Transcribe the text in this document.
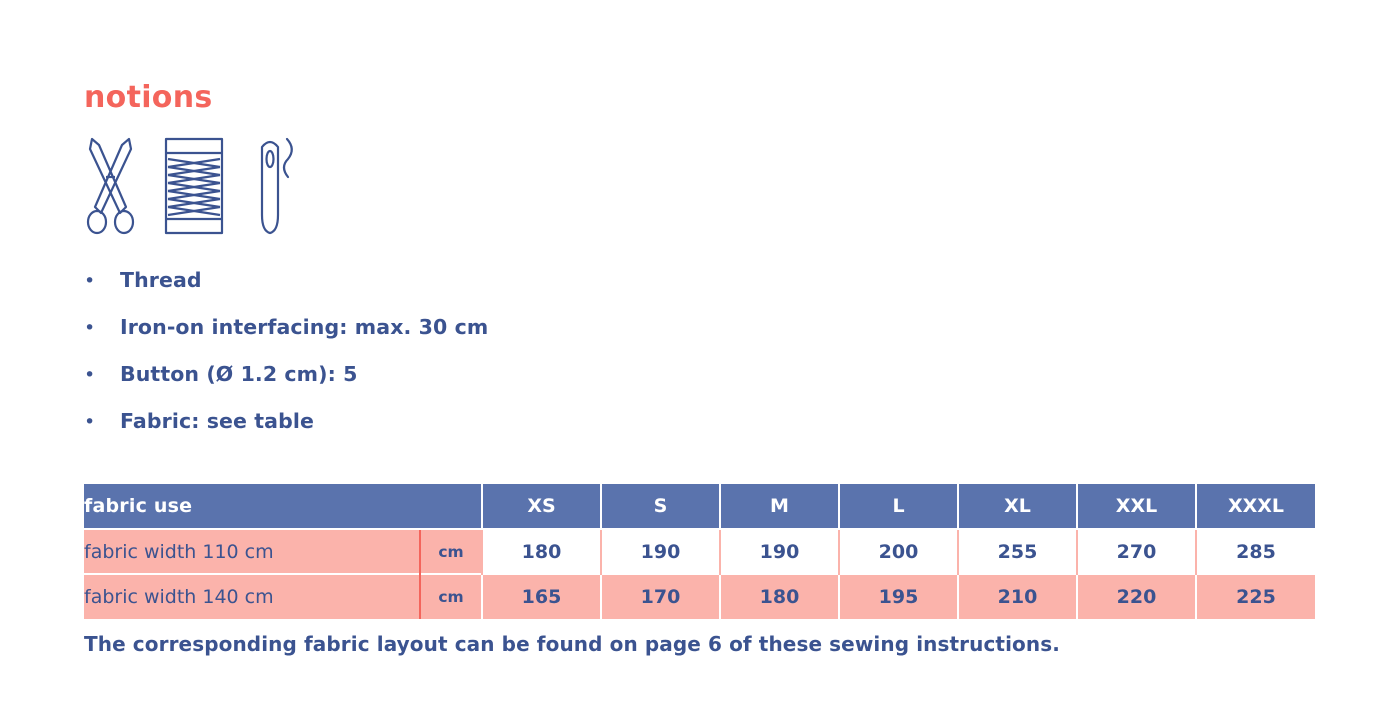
notions
•	Thread
•	Iron-on interfacing: max. 30 cm
•	Button (Ø 1.2 cm): 5
•	Fabric: see table
fabric use		XS	S	M	L	XL	XXL	XXXL
fabric width 110 cm	cm	180	190	190	200	255	270	285
fabric width 140 cm	cm	165	170	180	195	210	220	225
The corresponding fabric layout can be found on page 6 of these sewing instructions.
